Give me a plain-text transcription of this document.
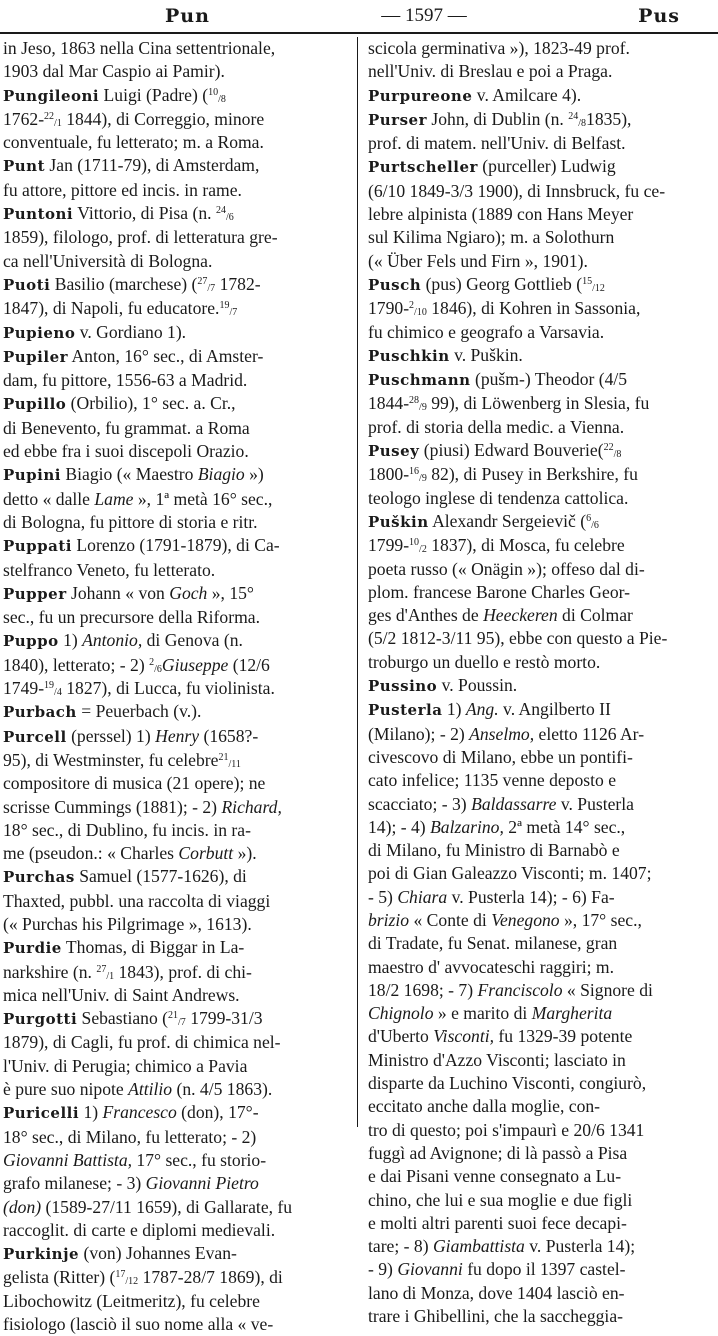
Pun	— 1597 —	Pus
in Jeso, 1863 nella Cina settentrionale,
1903 dal Mar Caspio ai Pamir).
Pungileoni Luigi (Padre) ($^{10}_{/8}$
1762-$^{22}_{/1}$ 1844), di Correggio, minore
conventuale, fu letterato; m. a Roma.
Punt Jan (1711-79), di Amsterdam,
fu attore, pittore ed incis. in rame.
Puntoni Vittorio, di Pisa (n. $^{24}_{/6}$
1859), filologo, prof. di letteratura gre-
ca nell'Università di Bologna.
Puoti Basilio (marchese) ($^{27}_{/7}$ 1782-
1847), di Napoli, fu educatore.$^{19}_{/7}$
Pupieno v. Gordiano 1).
Pupiler Anton, 16° sec., di Amster-
dam, fu pittore, 1556-63 a Madrid.
Pupillo (Orbilio), 1° sec. a. Cr.,
di Benevento, fu grammat. a Roma
ed ebbe fra i suoi discepoli Orazio.
Pupini Biagio (« Maestro Biagio »)
detto « dalle Lame », 1ª metà 16° sec.,
di Bologna, fu pittore di storia e ritr.
Puppati Lorenzo (1791-1879), di Ca-
stelfranco Veneto, fu letterato.
Pupper Johann « von Goch », 15°
sec., fu un precursore della Riforma.
Puppo 1) Antonio, di Genova (n.
1840), letterato; - 2) $^2_{/6}$Giuseppe (12/6
1749-$^{19}_{/4}$ 1827), di Lucca, fu violinista.
Purbach = Peuerbach (v.).
Purcell (perssel) 1) Henry (1658?-
95), di Westminster, fu celebre$^{21}_{/11}$
compositore di musica (21 opere); ne
scrisse Cummings (1881); - 2) Richard,
18° sec., di Dublino, fu incis. in ra-
me (pseudon.: « Charles Corbutt »).
Purchas Samuel (1577-1626), di
Thaxted, pubbl. una raccolta di viaggi
(« Purchas his Pilgrimage », 1613).
Purdie Thomas, di Biggar in La-
narkshire (n. $^{27}_{/1}$ 1843), prof. di chi-
mica nell'Univ. di Saint Andrews.
Purgotti Sebastiano ($^{21}_{/7}$ 1799-31/3
1879), di Cagli, fu prof. di chimica nel-
l'Univ. di Perugia; chimico a Pavia
è pure suo nipote Attilio (n. 4/5 1863).
Puricelli 1) Francesco (don), 17°-
18° sec., di Milano, fu letterato; - 2)
Giovanni Battista, 17° sec., fu storio-
grafo milanese; - 3) Giovanni Pietro
(don) (1589-27/11 1659), di Gallarate, fu
raccoglit. di carte e diplomi medievali.
Purkinje (von) Johannes Evan-
gelista (Ritter) ($^{17}_{/12}$ 1787-28/7 1869), di
Libochowitz (Leitmeritz), fu celebre
fisiologo (lasciò il suo nome alla « ve-
scicola germinativa »), 1823-49 prof.
nell'Univ. di Breslau e poi a Praga.
Purpureone v. Amilcare 4).
Purser John, di Dublin (n. $^{24}_{/8}$1835),
prof. di matem. nell'Univ. di Belfast.
Purtscheller (purceller) Ludwig
(6/10 1849-3/3 1900), di Innsbruck, fu ce-
lebre alpinista (1889 con Hans Meyer
sul Kilima Ngiaro); m. a Solothurn
(« Über Fels und Firn », 1901).
Pusch (pus) Georg Gottlieb ($^{15}_{/12}$
1790-$^2_{/10}$ 1846), di Kohren in Sassonia,
fu chimico e geografo a Varsavia.
Puschkin v. Puškin.
Puschmann (pušm-) Theodor (4/5
1844-$^{28}_{/9}$ 99), di Löwenberg in Slesia, fu
prof. di storia della medic. a Vienna.
Pusey (piusi) Edward Bouverie($^{22}_{/8}$
1800-$^{16}_{/9}$ 82), di Pusey in Berkshire, fu
teologo inglese di tendenza cattolica.
Puškin Alexandr Sergeievič ($^6_{/6}$
1799-$^{10}_{/2}$ 1837), di Mosca, fu celebre
poeta russo (« Onägin »); offeso dal di-
plom. francese Barone Charles Geor-
ges d'Anthes de Heeckeren di Colmar
(5/2 1812-3/11 95), ebbe con questo a Pie-
troburgo un duello e restò morto.
Pussino v. Poussin.
Pusterla 1) Ang. v. Angilberto II
(Milano); - 2) Anselmo, eletto 1126 Ar-
civescovo di Milano, ebbe un pontifi-
cato infelice; 1135 venne deposto e
scacciato; - 3) Baldassarre v. Pusterla
14); - 4) Balzarino, 2ª metà 14° sec.,
di Milano, fu Ministro di Barnabò e
poi di Gian Galeazzo Visconti; m. 1407;
- 5) Chiara v. Pusterla 14); - 6) Fa-
brizio « Conte di Venegono », 17° sec.,
di Tradate, fu Senat. milanese, gran
maestro d' avvocateschi raggiri; m.
18/2 1698; - 7) Franciscolo « Signore di
Chignolo » e marito di Margherita
d'Uberto Visconti, fu 1329-39 potente
Ministro d'Azzo Visconti; lasciato in
disparte da Luchino Visconti, congiurò,
eccitato anche dalla moglie, con-
tro di questo; poi s'impaurì e 20/6 1341
fuggì ad Avignone; di là passò a Pisa
e dai Pisani venne consegnato a Lu-
chino, che lui e sua moglie e due figli
e molti altri parenti suoi fece decapi-
tare; - 8) Giambattista v. Pusterla 14);
- 9) Giovanni fu dopo il 1397 castel-
lano di Monza, dove 1404 lasciò en-
trare i Ghibellini, che la saccheggia-
